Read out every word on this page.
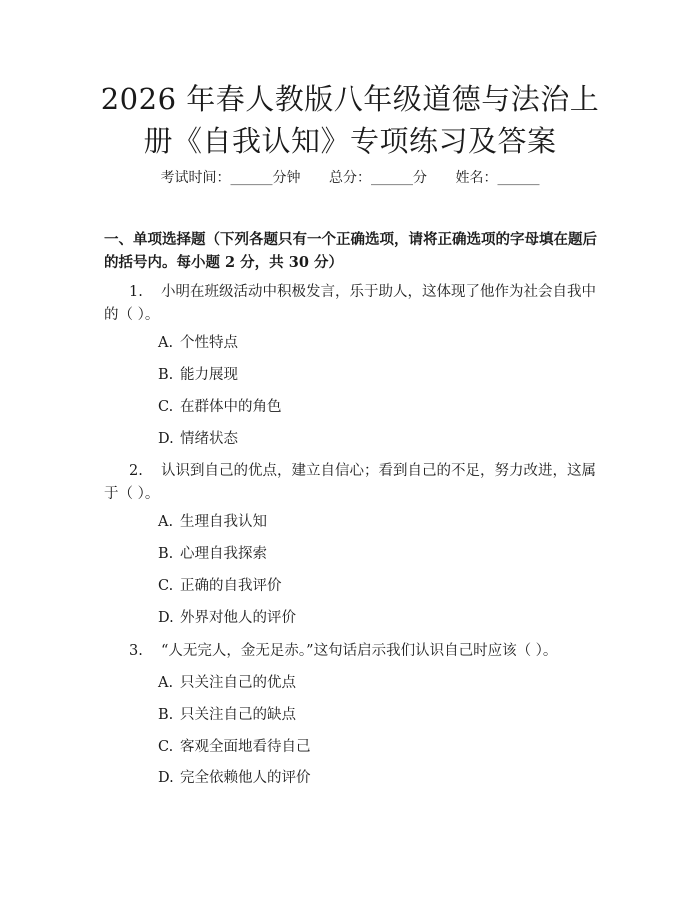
2026 年春人教版八年级道德与法治上册《自我认知》专项练习及答案
考试时间：______分钟 总分：______分 姓名：______

一、单项选择题（下列各题只有一个正确选项，请将正确选项的字母填在题后的括号内。每小题 2 分，共 30 分）

1. 小明在班级活动中积极发言，乐于助人，这体现了他作为社会自我中的（ ）。

A. 个性特点
B. 能力展现
C. 在群体中的角色
D. 情绪状态

2. 认识到自己的优点，建立自信心；看到自己的不足，努力改进，这属于（ ）。

A. 生理自我认知
B. 心理自我探索
C. 正确的自我评价
D. 外界对他人的评价

3. “人无完人，金无足赤。”这句话启示我们认识自己时应该（ ）。

A. 只关注自己的优点
B. 只关注自己的缺点
C. 客观全面地看待自己
D. 完全依赖他人的评价
